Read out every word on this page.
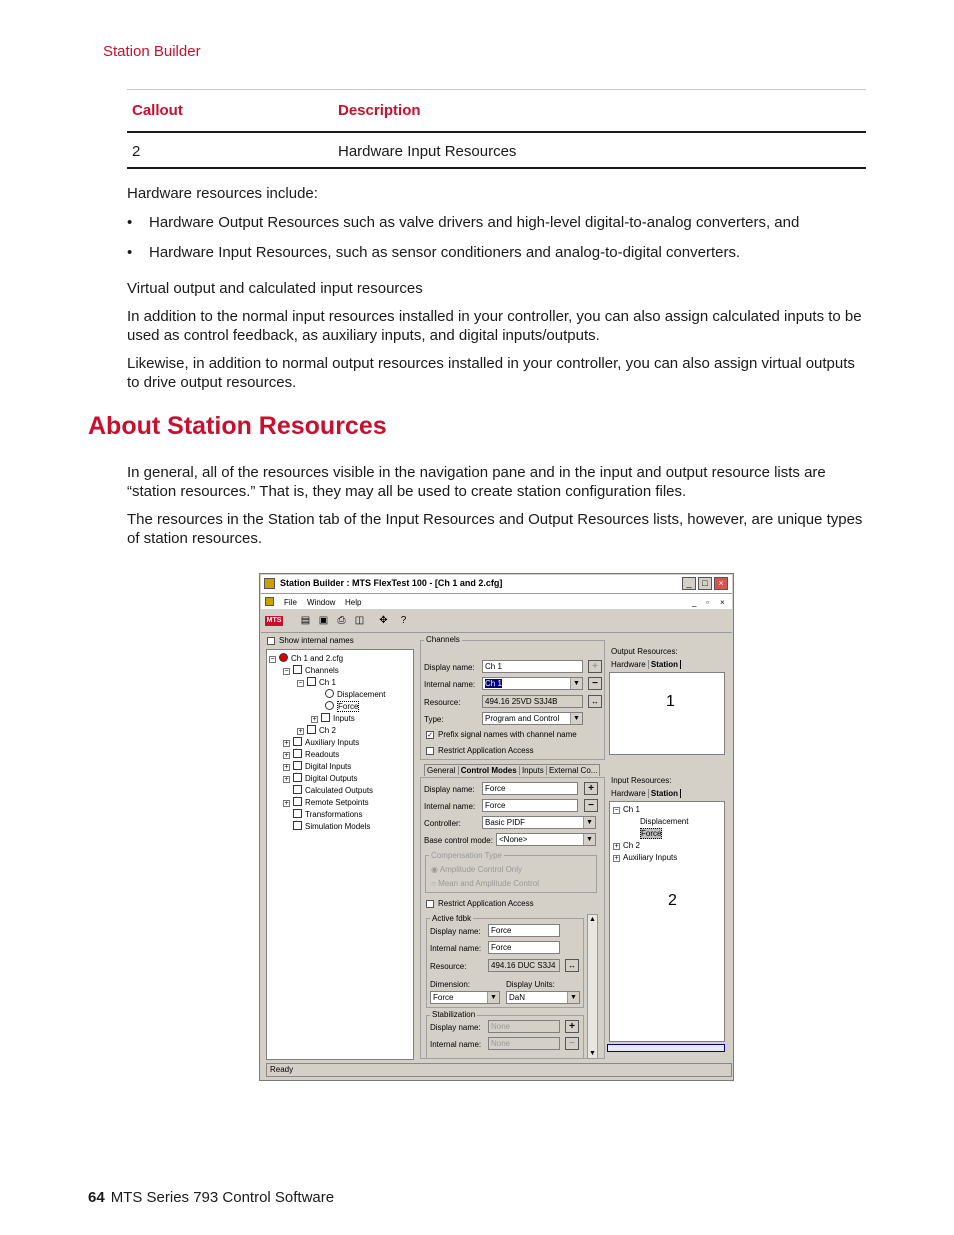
Station Builder
Callout	Description
2	Hardware Input Resources
Hardware resources include:
• Hardware Output Resources such as valve drivers and high-level digital-to-analog converters, and
• Hardware Input Resources, such as sensor conditioners and analog-to-digital converters.
Virtual output and calculated input resources
In addition to the normal input resources installed in your controller, you can also assign calculated inputs to be used as control feedback, as auxiliary inputs, and digital inputs/outputs.
Likewise, in addition to normal output resources installed in your controller, you can also assign virtual outputs to drive output resources.
About Station Resources
In general, all of the resources visible in the navigation pane and in the input and output resource lists are “station resources.” That is, they may all be used to create station configuration files.
The resources in the Station tab of the Input Resources and Output Resources lists, however, are unique types of station resources.
Station Builder : MTS FlexTest 100 - [Ch 1 and 2.cfg]	_	□	×
File Window Help	_ ▫ ×
MTS ▤ ▣ ⎙ ◫	✥	?
Show internal names
− Ch 1 and 2.cfg
− Channels
− Ch 1
Displacement
Force
+ Inputs
+ Ch 2
+ Auxiliary Inputs
+ Readouts
+ Digital Inputs
+ Digital Outputs
Calculated Outputs
+ Remote Setpoints
Transformations
Simulation Models
Channels
Display name:	Ch 1	+
Internal name:	Ch 1	▼	−
Resource:	494.16 25VD S3J4B	↔
Type:	Program and Control	▼
✓ Prefix signal names with channel name
Restrict Application Access
General Control Modes Inputs External Co...
Display name:	Force	+
Internal name:	Force	−
Controller:	Basic PIDF	▼
Base control mode: <None>	▼
Compensation Type
◉ Amplitude Control Only
○ Mean and Amplitude Control
Restrict Application Access
Active fdbk
Display name:	Force
Internal name:	Force
Resource:	494.16 DUC S3J4	↔
Dimension:	Display Units:
Force	▼	DaN	▼
Stabilization
Display name:	None	+
Internal name:	None	−
▲
▼
Output Resources:
Hardware Station
1
Input Resources:
Hardware Station
− Ch 1
Displacement
Force
+ Ch 2
+ Auxiliary Inputs
2
Ready
64 MTS Series 793 Control Software
